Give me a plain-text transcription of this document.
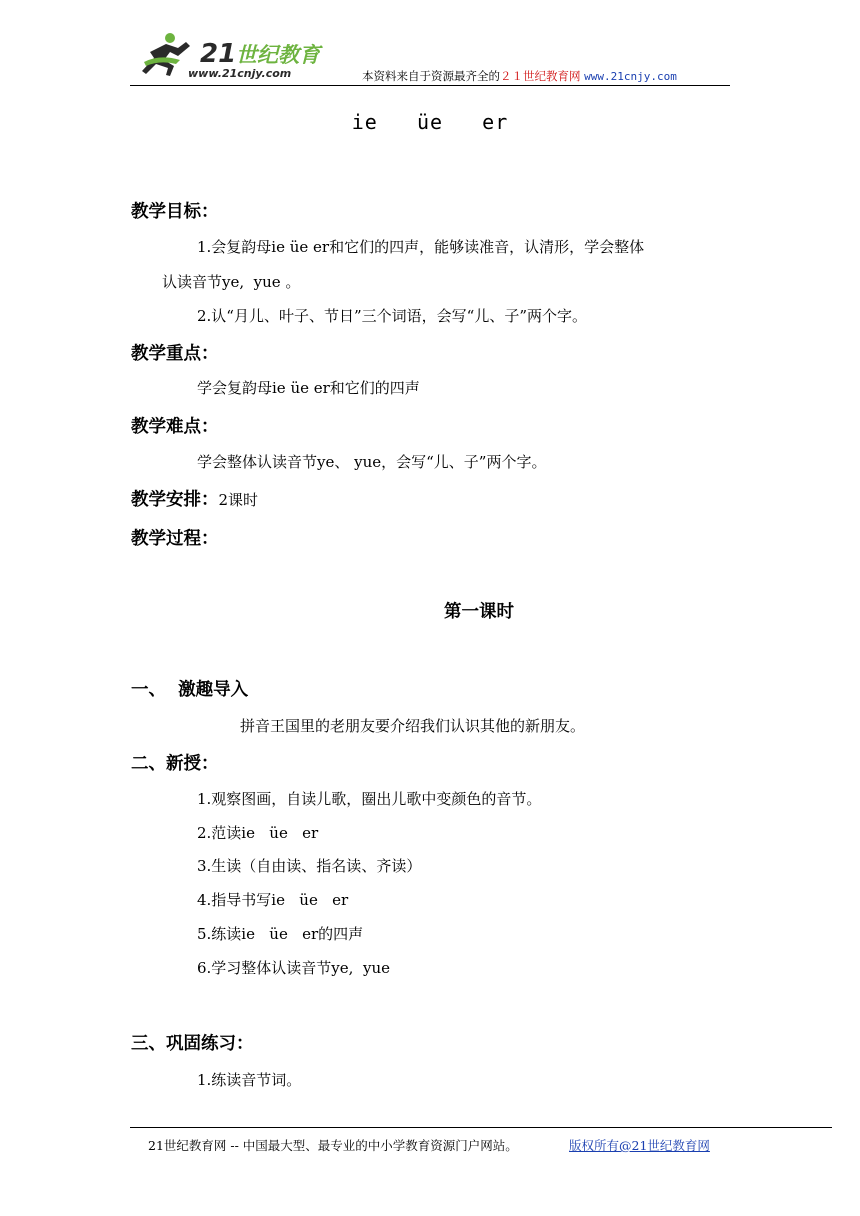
21 世纪教育
www.21cnjy.com	本资料来自于资源最齐全的２１世纪教育网 www.21cnjy.com
ie   üe   er
教学目标：
1.会复韵母ie üe er和它们的四声，能够读准音，认清形，学会整体
认读音节ye,  yue 。
2.认“月儿、叶子、节日”三个词语，会写“儿、子”两个字。
教学重点：
学会复韵母ie üe er和它们的四声
教学难点：
学会整体认读音节ye、 yue，会写“儿、子”两个字。
教学安排：2课时
教学过程：
第一课时
一、  激趣导入
拼音王国里的老朋友要介绍我们认识其他的新朋友。
二、新授：
1.观察图画，自读儿歌，圈出儿歌中变颜色的音节。
2.范读ie   üe   er
3.生读（自由读、指名读、齐读）
4.指导书写ie   üe   er
5.练读ie   üe   er的四声
6.学习整体认读音节ye,  yue
三、巩固练习：
1.练读音节词。
21世纪教育网 -- 中国最大型、最专业的中小学教育资源门户网站。	版权所有@21世纪教育网
